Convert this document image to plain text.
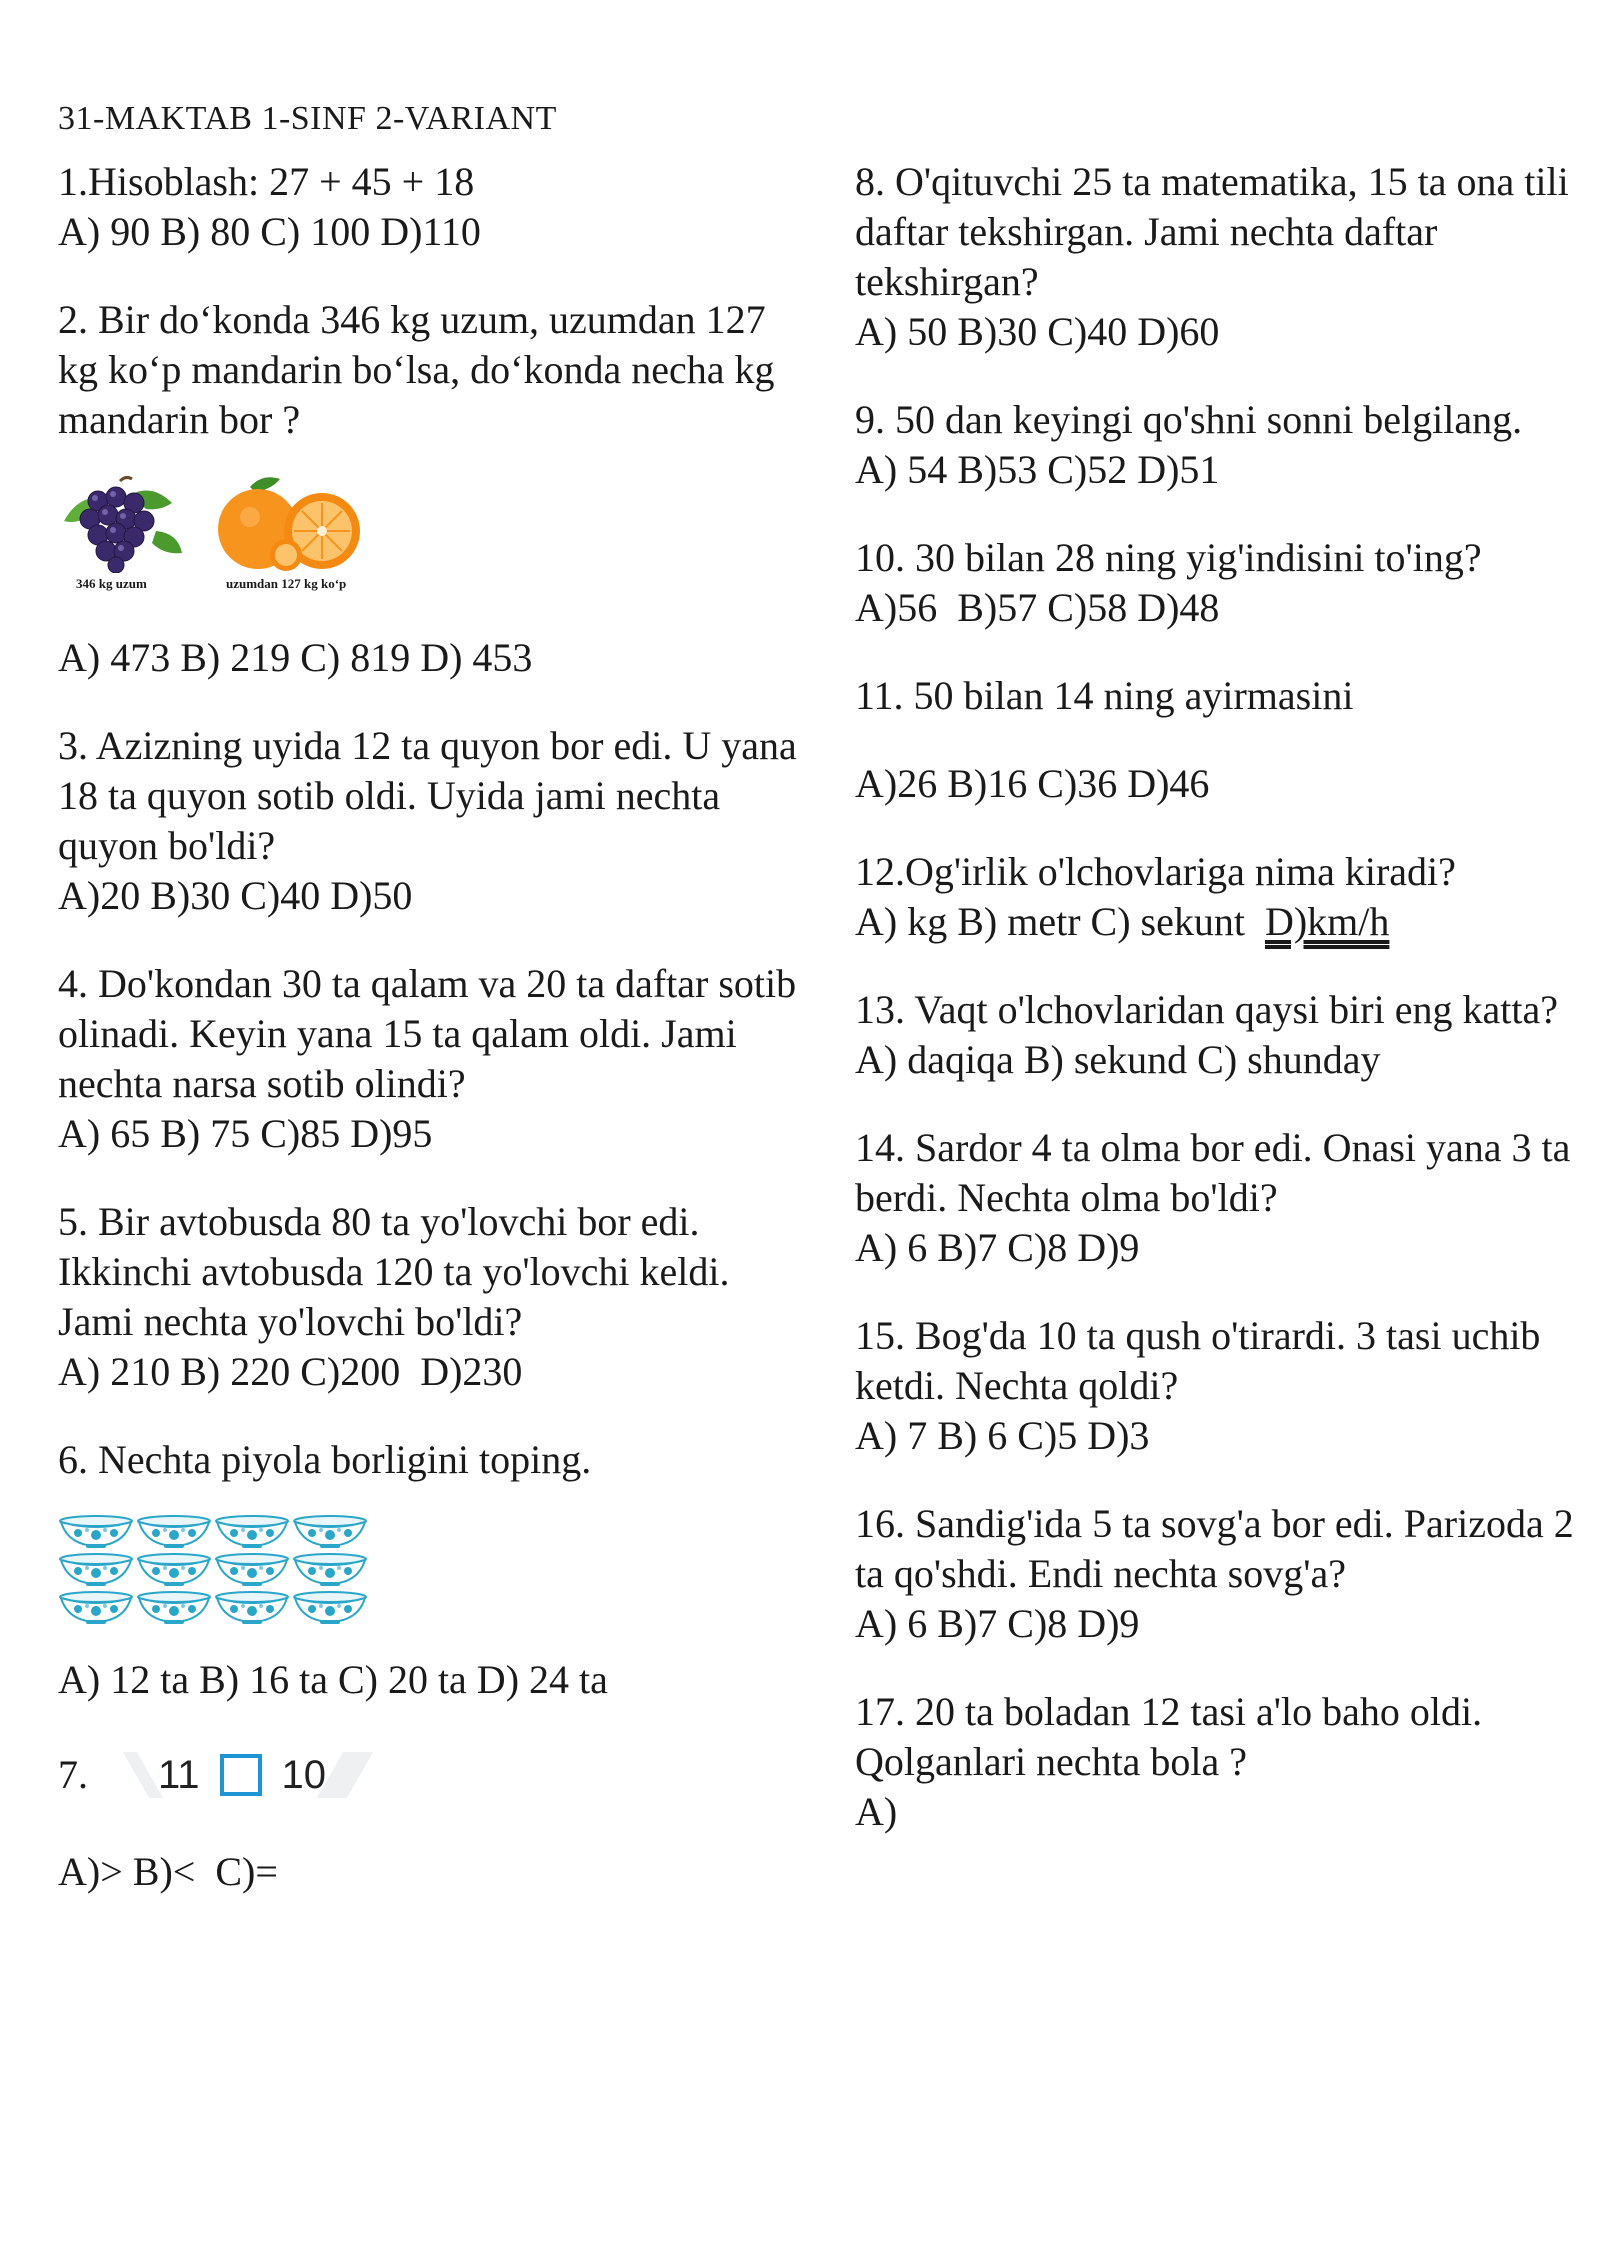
31-MAKTAB 1-SINF 2-VARIANT

1.Hisoblash: 27 + 45 + 18

A) 90 B) 80 C) 100 D)110

2. Bir do‘konda 346 kg uzum, uzumdan 127 kg ko‘p mandarin bo‘lsa, do‘konda necha kg mandarin bor ?

346 kg uzum	uzumdan 127 kg ko‘p

A) 473 B) 219 C) 819 D) 453

3. Azizning uyida 12 ta quyon bor edi. U yana 18 ta quyon sotib oldi. Uyida jami nechta quyon bo'ldi?

A)20 B)30 C)40 D)50

4. Do'kondan 30 ta qalam va 20 ta daftar sotib olinadi. Keyin yana 15 ta qalam oldi. Jami nechta narsa sotib olindi?

A) 65 B) 75 C)85 D)95

5. Bir avtobusda 80 ta yo'lovchi bor edi. Ikkinchi avtobusda 120 ta yo'lovchi keldi. Jami nechta yo'lovchi bo'ldi?

A) 210 B) 220 C)200  D)230

6. Nechta piyola borligini toping.

A) 12 ta B) 16 ta C) 20 ta D) 24 ta

7. 11 10

A)> B)<  C)=

8. O'qituvchi 25 ta matematika, 15 ta ona tili daftar tekshirgan. Jami nechta daftar tekshirgan?

A) 50 B)30 C)40 D)60

9. 50 dan keyingi qo'shni sonni belgilang.

A) 54 B)53 C)52 D)51

10. 30 bilan 28 ning yig'indisini to'ing?

A)56  B)57 C)58 D)48

11. 50 bilan 14 ning ayirmasini

A)26 B)16 C)36 D)46

12.Og'irlik o'lchovlariga nima kiradi?

A) kg B) metr C) sekunt  D)km/h

13. Vaqt o'lchovlaridan qaysi biri eng katta?

A) daqiqa B) sekund C) shunday

14. Sardor 4 ta olma bor edi. Onasi yana 3 ta berdi. Nechta olma bo'ldi?

A) 6 B)7 C)8 D)9

15. Bog'da 10 ta qush o'tirardi. 3 tasi uchib ketdi. Nechta qoldi?

A) 7 B) 6 C)5 D)3

16. Sandig'ida 5 ta sovg'a bor edi. Parizoda 2 ta qo'shdi. Endi nechta sovg'a?

A) 6 B)7 C)8 D)9

17. 20 ta boladan 12 tasi a'lo baho oldi. Qolganlari nechta bola ?

A)
